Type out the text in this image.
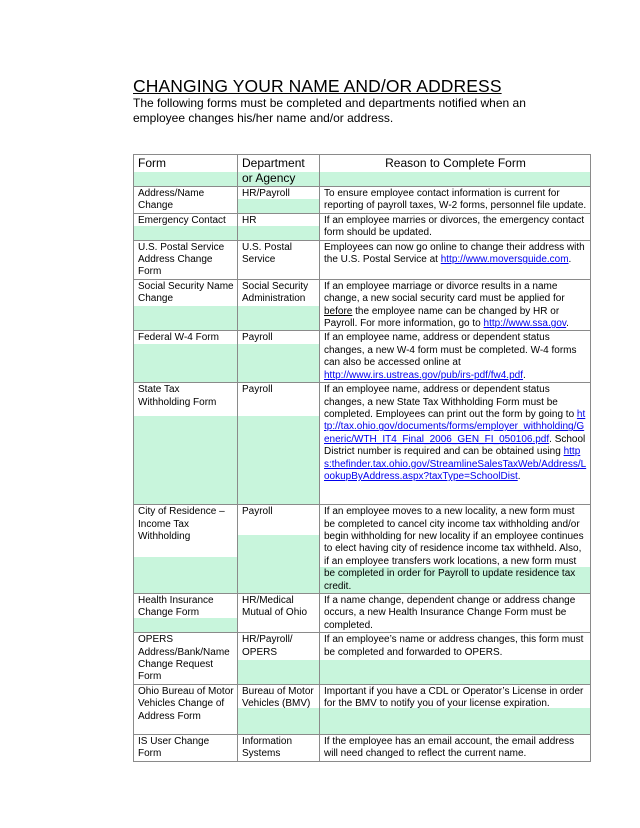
CHANGING YOUR NAME AND/OR ADDRESS
The following forms must be completed and departments notified when an employee changes his/her name and/or address.
Form	Department or Agency	Reason to Complete Form
Address/Name Change	HR/Payroll	To ensure employee contact information is current for reporting of payroll taxes, W-2 forms, personnel file update.

Emergency Contact	HR	If an employee marries or divorces, the emergency contact form should be updated.
U.S. Postal Service Address Change Form	U.S. Postal Service	Employees can now go online to change their address with the U.S. Postal Service at http://www.moversguide.com.

Social Security Name Change	Social Security Administration	If an employee marriage or divorce results in a name change, a new social security card must be applied for before the employee name can be changed by HR or Payroll. For more information, go to http://www.ssa.gov.

Federal W-4 Form	Payroll	If an employee name, address or dependent status changes, a new W-4 form must be completed. W-4 forms can also be accessed online at http://www.irs.ustreas.gov/pub/irs-pdf/fw4.pdf.

State Tax Withholding Form	Payroll	If an employee name, address or dependent status changes, a new State Tax Withholding Form must be completed. Employees can print out the form by going to http://tax.ohio.gov/documents/forms/employer_withholding/Generic/WTH_IT4_Final_2006_GEN_FI_050106.pdf. School District number is required and can be obtained using https:thefinder.tax.ohio.gov/StreamlineSalesTaxWeb/Address/LookupByAddress.aspx?taxType=SchoolDist.

City of Residence – Income Tax Withholding	Payroll	If an employee moves to a new locality, a new form must be completed to cancel city income tax withholding and/or begin withholding for new locality if an employee continues to elect having city of residence income tax withheld. Also, if an employee transfers work locations, a new form must be completed in order for Payroll to update residence tax credit.

Health Insurance Change Form	HR/Medical Mutual of Ohio	If a name change, dependent change or address change occurs, a new Health Insurance Change Form must be completed.
OPERS Address/Bank/Name Change Request Form	HR/Payroll/ OPERS	If an employee’s name or address changes, this form must be completed and forwarded to OPERS.
Ohio Bureau of Motor Vehicles Change of Address Form	Bureau of Motor Vehicles (BMV)	Important if you have a CDL or Operator’s License in order for the BMV to notify you of your license expiration.
IS User Change Form	Information Systems	If the employee has an email account, the email address will need changed to reflect the current name.
